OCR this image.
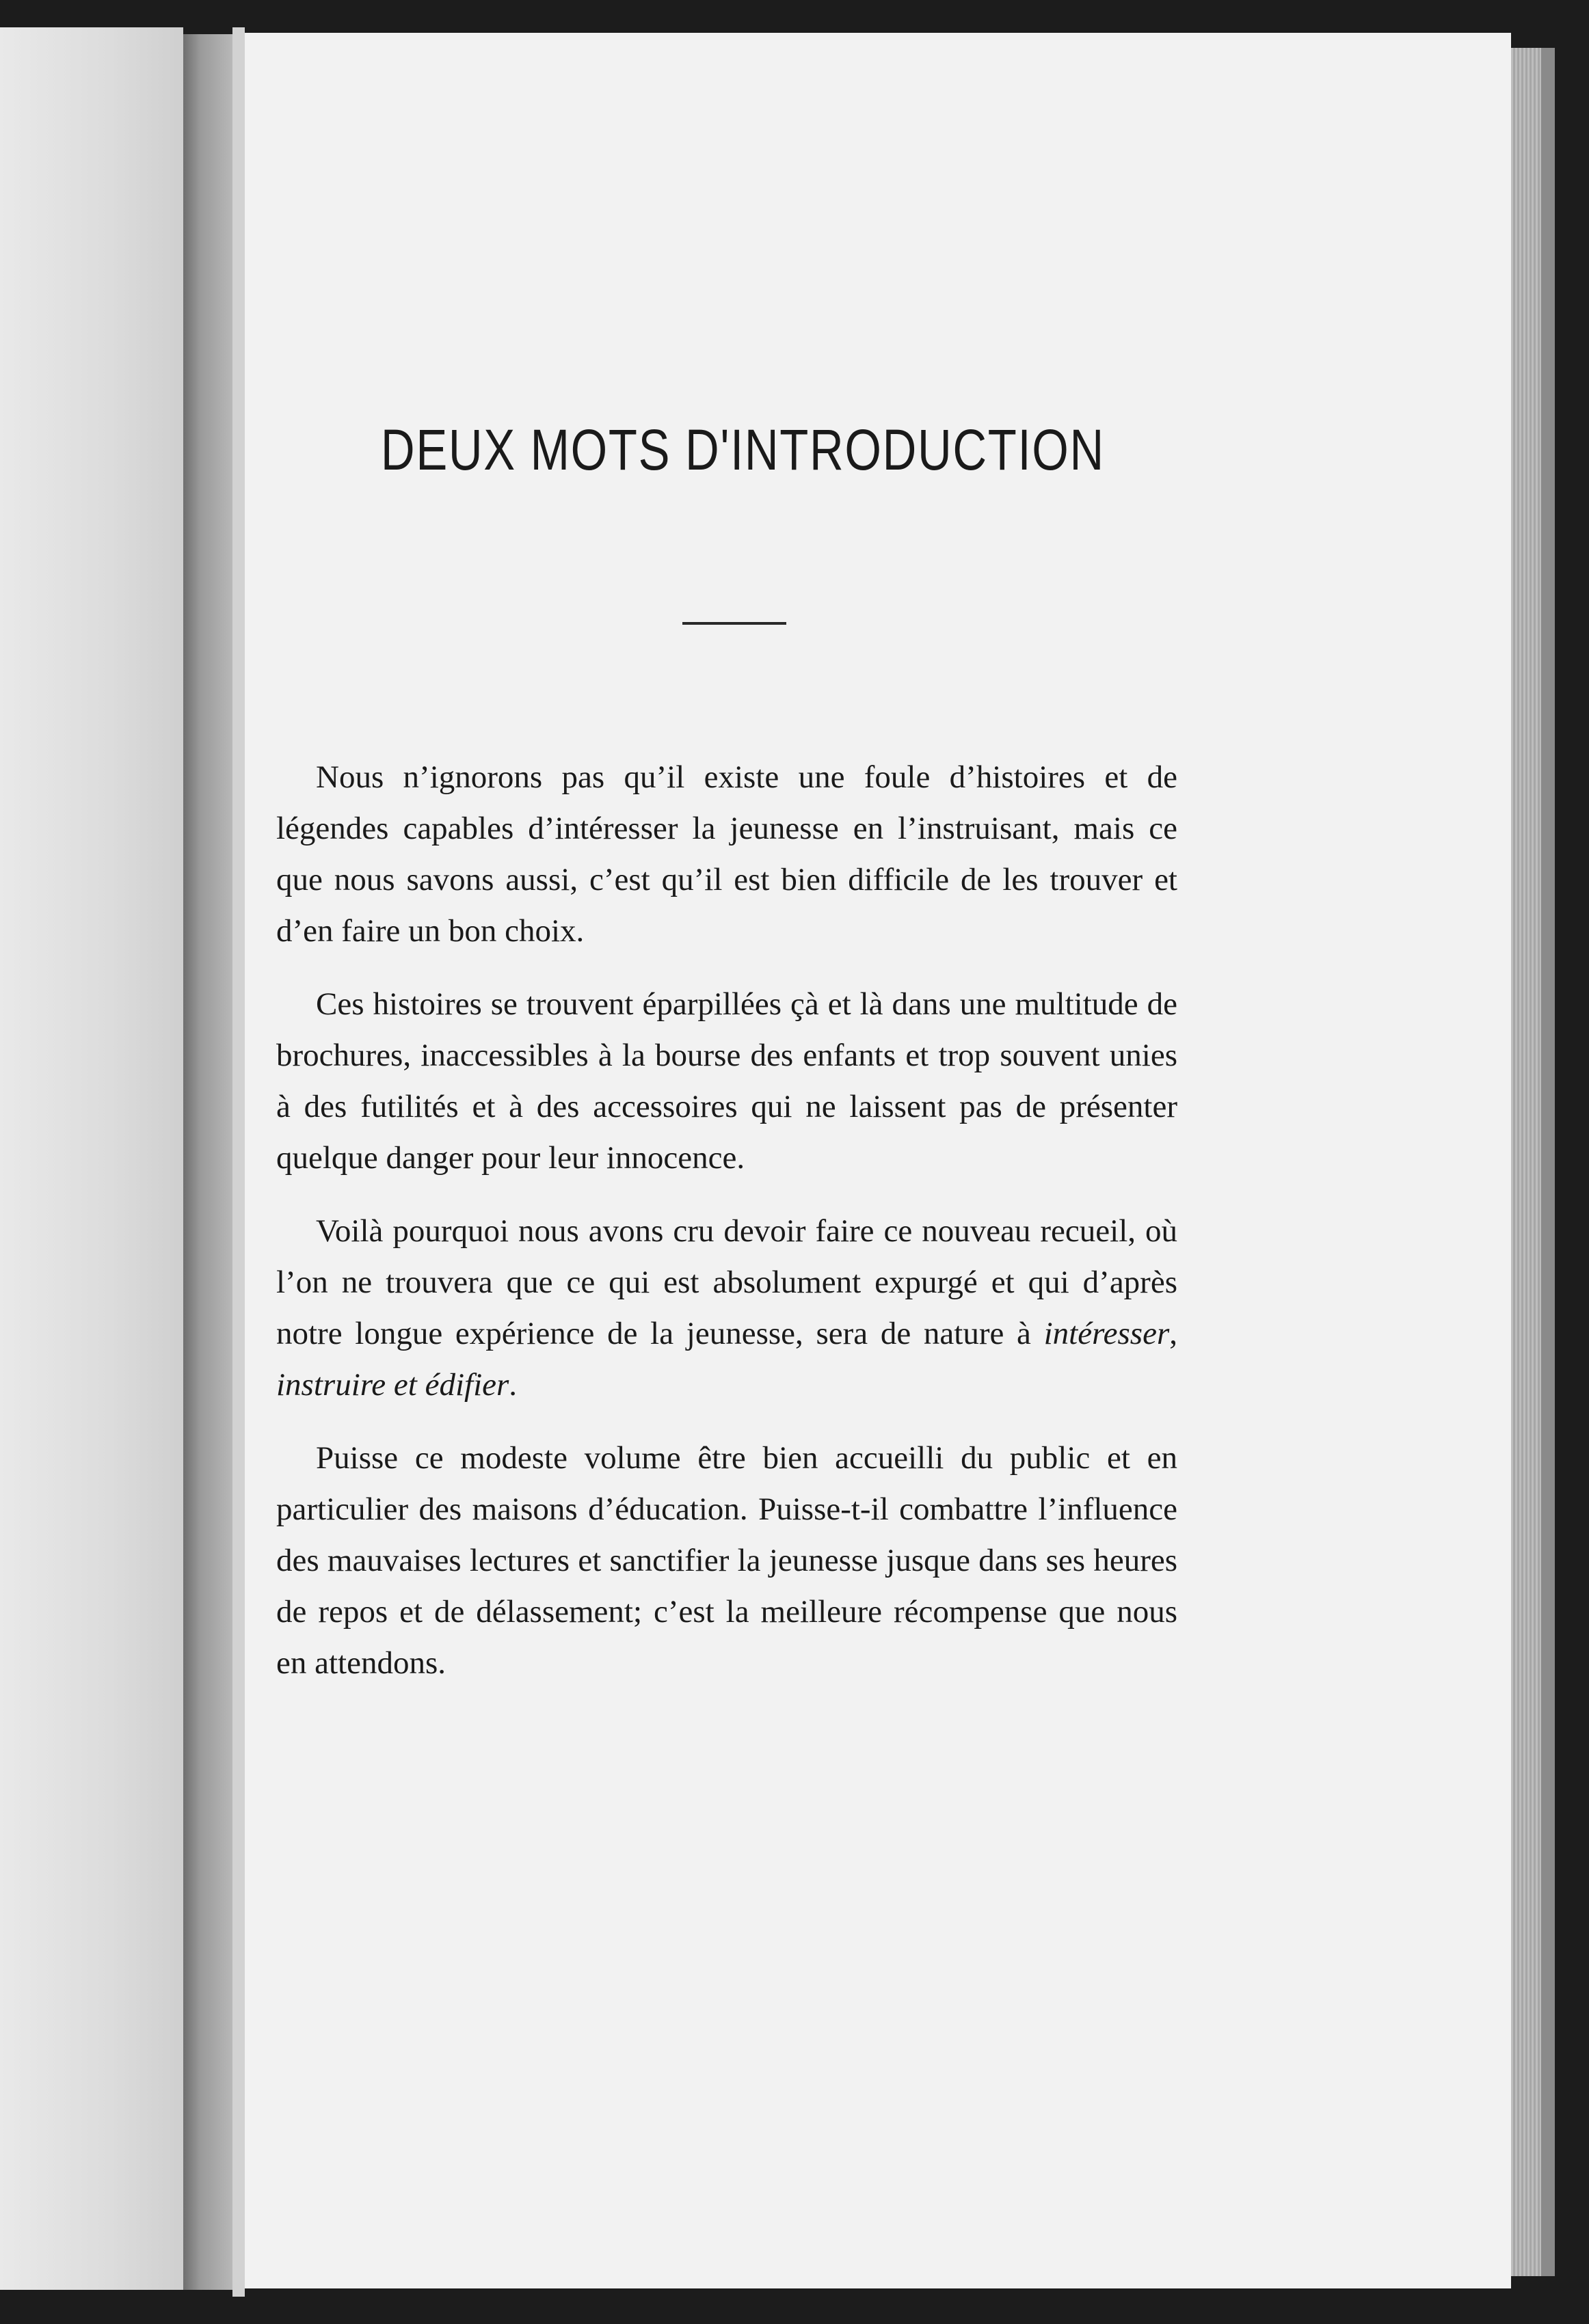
DEUX MOTS D'INTRODUCTION

Nous n’ignorons pas qu’il existe une foule d’histoires et de légendes capables d’intéresser la jeunesse en l’instruisant, mais ce que nous savons aussi, c’est qu’il est bien difficile de les trouver et d’en faire un bon choix.

Ces histoires se trouvent éparpillées çà et là dans une multitude de brochures, inaccessibles à la bourse des enfants et trop souvent unies à des futilités et à des accessoires qui ne laissent pas de présenter quelque danger pour leur innocence.

Voilà pourquoi nous avons cru devoir faire ce nouveau recueil, où l’on ne trouvera que ce qui est absolument expurgé et qui d’après notre longue expérience de la jeunesse, sera de nature à intéresser, instruire et édifier.

Puisse ce modeste volume être bien accueilli du public et en particulier des maisons d’éducation. Puisse-t-il combattre l’influence des mauvaises lectures et sanctifier la jeunesse jusque dans ses heures de repos et de délassement; c’est la meilleure récompense que nous en attendons.
